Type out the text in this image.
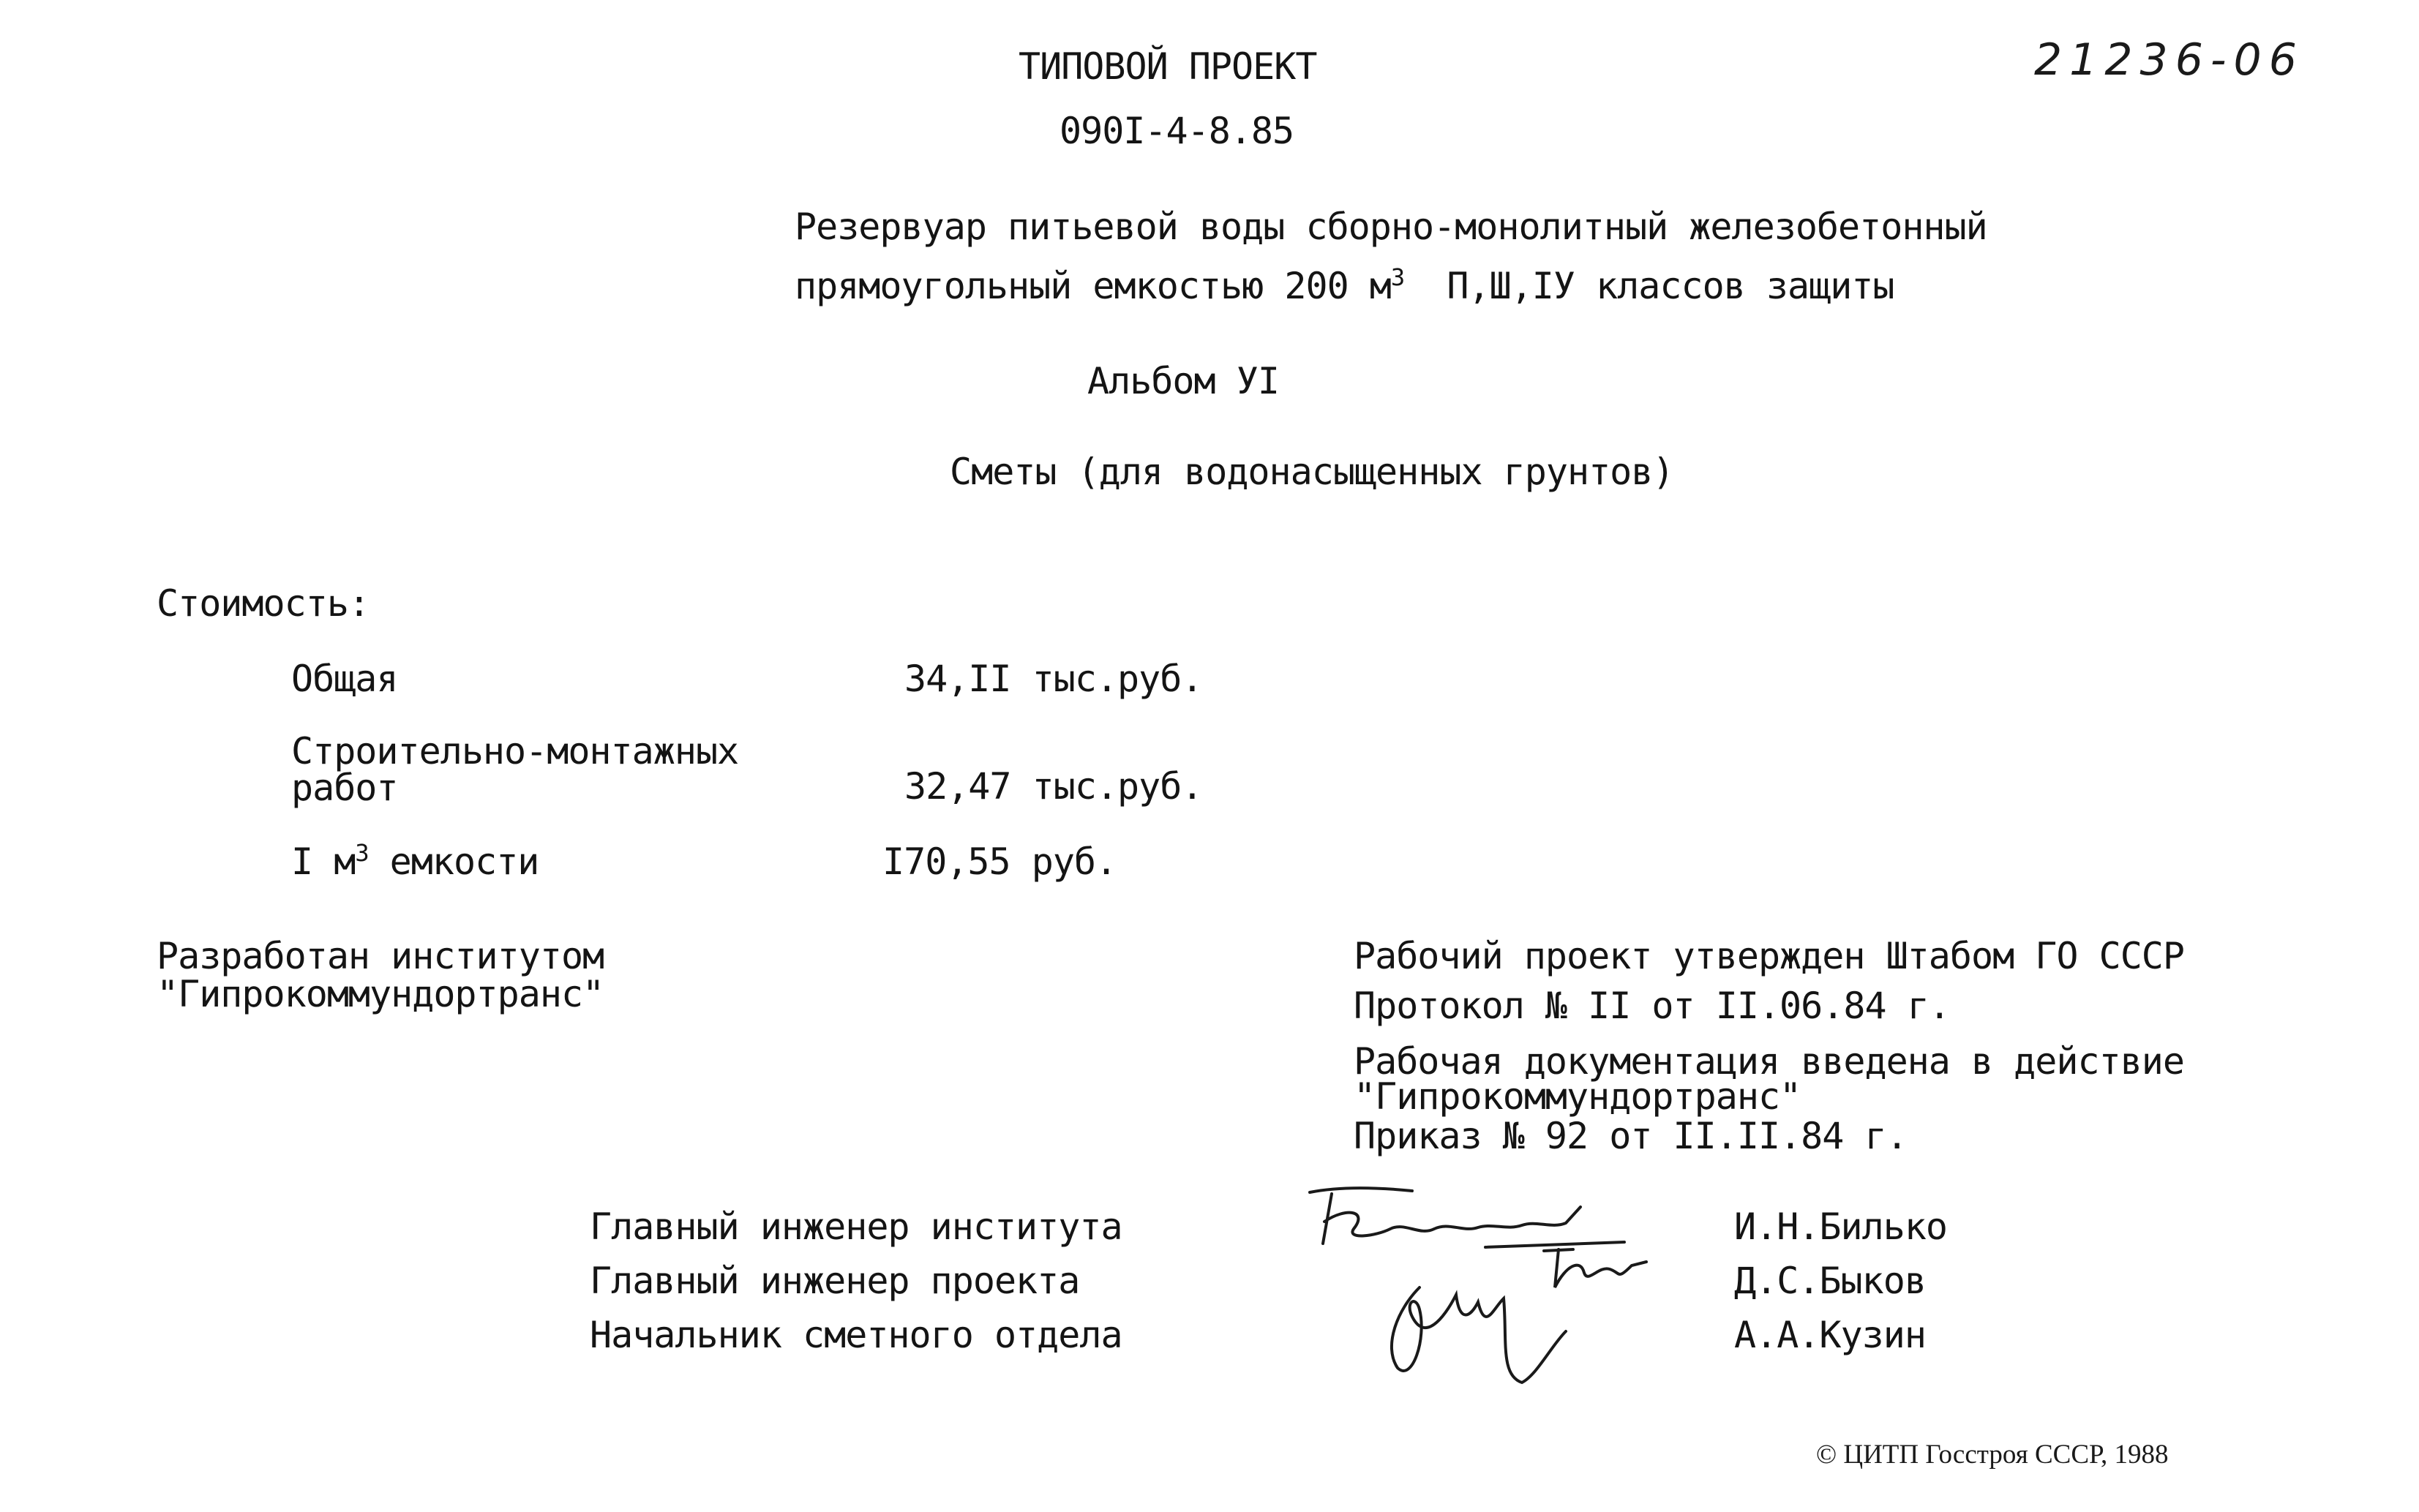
ТИПОВОЙ ПРОЕКТ
090I-4-8.85
21236-06
Резервуар питьевой воды сборно-монолитный железобетонный
прямоугольный емкостью 200 $м^3$  П,Ш,IУ классов защиты
Альбом УI
Сметы (для водонасыщенных грунтов)
Стоимость:
Общая	34,II тыс.руб.
Строительно-монтажных
работ	32,47 тыс.руб.
I $м^3$ емкости	I70,55 руб.
Разработан институтом
"Гипрокоммундортранс"
Рабочий проект утвержден Штабом ГО СССР
Протокол № II от II.06.84 г.
Рабочая документация введена в действие
"Гипрокоммундортранс"
Приказ № 92 от II.II.84 г.
Главный инженер института
Главный инженер проекта
Начальник сметного отдела
И.Н.Билько
Д.С.Быков
А.А.Кузин
© ЦИТП Госстроя СССР, 1988
